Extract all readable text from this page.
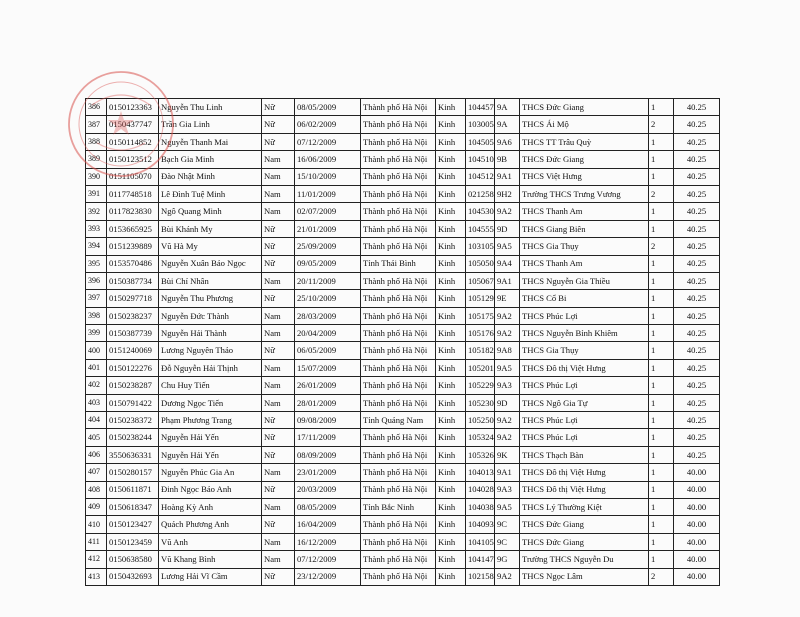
386	0150123363	Nguyễn Thu Linh	Nữ	08/05/2009	Thành phố Hà Nội	Kinh	104457	9A	THCS Đức Giang	1	40.25
387	0150437747	Trần Gia Linh	Nữ	06/02/2009	Thành phố Hà Nội	Kinh	103005	9A	THCS Ái Mộ	2	40.25
388	0150114852	Nguyễn Thanh Mai	Nữ	07/12/2009	Thành phố Hà Nội	Kinh	104505	9A6	THCS TT Trâu Quỳ	1	40.25
389	0150123512	Bạch Gia Minh	Nam	16/06/2009	Thành phố Hà Nội	Kinh	104510	9B	THCS Đức Giang	1	40.25
390	0151105070	Đào Nhật Minh	Nam	15/10/2009	Thành phố Hà Nội	Kinh	104512	9A1	THCS Việt Hưng	1	40.25
391	0117748518	Lê Đình Tuệ Minh	Nam	11/01/2009	Thành phố Hà Nội	Kinh	021258	9H2	Trường THCS Trưng Vương	2	40.25
392	0117823830	Ngô Quang Minh	Nam	02/07/2009	Thành phố Hà Nội	Kinh	104530	9A2	THCS Thanh Am	1	40.25
393	0153665925	Bùi Khánh My	Nữ	21/01/2009	Thành phố Hà Nội	Kinh	104555	9D	THCS Giang Biên	1	40.25
394	0151239889	Vũ Hà My	Nữ	25/09/2009	Thành phố Hà Nội	Kinh	103105	9A5	THCS Gia Thụy	2	40.25
395	0153570486	Nguyễn Xuân Bảo Ngọc	Nữ	09/05/2009	Tỉnh Thái Bình	Kinh	105050	9A4	THCS Thanh Am	1	40.25
396	0150387734	Bùi Chí Nhân	Nam	20/11/2009	Thành phố Hà Nội	Kinh	105067	9A1	THCS Nguyễn Gia Thiều	1	40.25
397	0150297718	Nguyễn Thu Phương	Nữ	25/10/2009	Thành phố Hà Nội	Kinh	105129	9E	THCS Cổ Bi	1	40.25
398	0150238237	Nguyễn Đức Thành	Nam	28/03/2009	Thành phố Hà Nội	Kinh	105175	9A2	THCS Phúc Lợi	1	40.25
399	0150387739	Nguyễn Hải Thành	Nam	20/04/2009	Thành phố Hà Nội	Kinh	105176	9A2	THCS Nguyễn Bỉnh Khiêm	1	40.25
400	0151240069	Lương Nguyên Thảo	Nữ	06/05/2009	Thành phố Hà Nội	Kinh	105182	9A8	THCS Gia Thụy	1	40.25
401	0150122276	Đỗ Nguyễn Hải Thịnh	Nam	15/07/2009	Thành phố Hà Nội	Kinh	105201	9A5	THCS Đô thị Việt Hưng	1	40.25
402	0150238287	Chu Huy Tiến	Nam	26/01/2009	Thành phố Hà Nội	Kinh	105229	9A3	THCS Phúc Lợi	1	40.25
403	0150791422	Dương Ngọc Tiến	Nam	28/01/2009	Thành phố Hà Nội	Kinh	105230	9D	THCS Ngô Gia Tự	1	40.25
404	0150238372	Phạm Phương Trang	Nữ	09/08/2009	Tỉnh Quảng Nam	Kinh	105250	9A2	THCS Phúc Lợi	1	40.25
405	0150238244	Nguyễn Hải Yến	Nữ	17/11/2009	Thành phố Hà Nội	Kinh	105324	9A2	THCS Phúc Lợi	1	40.25
406	3550636331	Nguyễn Hải Yến	Nữ	08/09/2009	Thành phố Hà Nội	Kinh	105326	9K	THCS Thạch Bàn	1	40.25
407	0150280157	Nguyễn Phúc Gia An	Nam	23/01/2009	Thành phố Hà Nội	Kinh	104013	9A1	THCS Đô thị Việt Hưng	1	40.00
408	0150611871	Đinh Ngọc Bảo Anh	Nữ	20/03/2009	Thành phố Hà Nội	Kinh	104028	9A3	THCS Đô thị Việt Hưng	1	40.00
409	0150618347	Hoàng Kỳ Anh	Nam	08/05/2009	Tỉnh Bắc Ninh	Kinh	104038	9A5	THCS Lý Thường Kiệt	1	40.00
410	0150123427	Quách Phương Anh	Nữ	16/04/2009	Thành phố Hà Nội	Kinh	104093	9C	THCS Đức Giang	1	40.00
411	0150123459	Vũ Anh	Nam	16/12/2009	Thành phố Hà Nội	Kinh	104105	9C	THCS Đức Giang	1	40.00
412	0150638580	Vũ Khang Bình	Nam	07/12/2009	Thành phố Hà Nội	Kinh	104147	9G	Trường THCS Nguyễn Du	1	40.00
413	0150432693	Lương Hải Vĩ Cầm	Nữ	23/12/2009	Thành phố Hà Nội	Kinh	102158	9A2	THCS Ngọc Lâm	2	40.00
